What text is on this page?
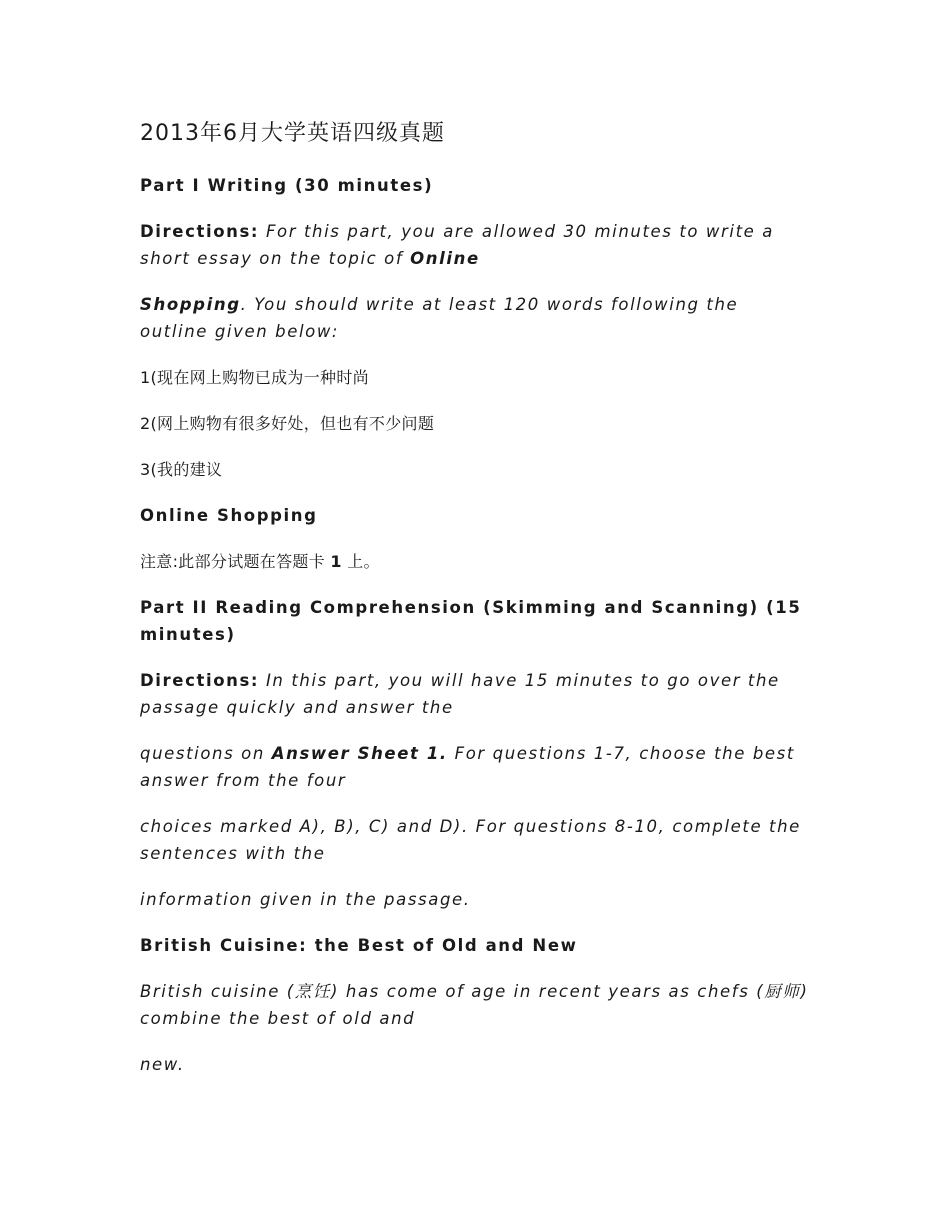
2013年6月大学英语四级真题
Part I Writing (30 minutes)
Directions: For this part, you are allowed 30 minutes to write a short essay on the topic of Online
Shopping. You should write at least 120 words following the outline given below:
1(现在网上购物已成为一种时尚
2(网上购物有很多好处，但也有不少问题
3(我的建议
Online Shopping
注意:此部分试题在答题卡 1 上。
Part II Reading Comprehension (Skimming and Scanning) (15 minutes)
Directions: In this part, you will have 15 minutes to go over the passage quickly and answer the
questions on Answer Sheet 1. For questions 1-7, choose the best answer from the four
choices marked A), B), C) and D). For questions 8-10, complete the sentences with the
information given in the passage.
British Cuisine: the Best of Old and New
British cuisine (烹饪) has come of age in recent years as chefs (厨师) combine the best of old and
new.
